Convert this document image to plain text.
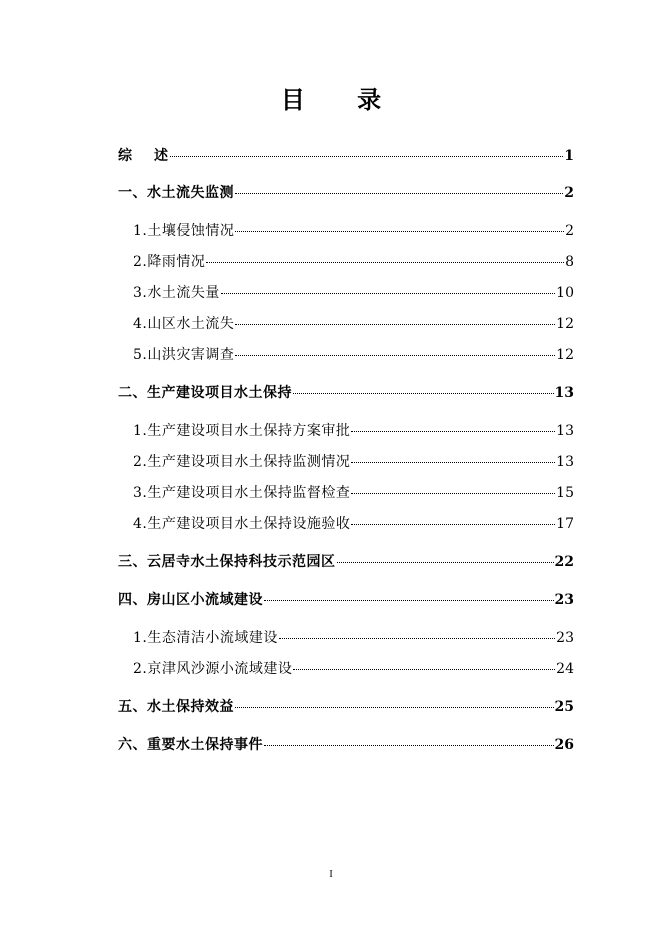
目 录
综    述	1
一、水土流失监测	2
1.土壤侵蚀情况	2
2.降雨情况	8
3.水土流失量	10
4.山区水土流失	12
5.山洪灾害调查	12
二、生产建设项目水土保持	13
1.生产建设项目水土保持方案审批	13
2.生产建设项目水土保持监测情况	13
3.生产建设项目水土保持监督检查	15
4.生产建设项目水土保持设施验收	17
三、云居寺水土保持科技示范园区	22
四、房山区小流域建设	23
1.生态清洁小流域建设	23
2.京津风沙源小流域建设	24
五、水土保持效益	25
六、重要水土保持事件	26
I
